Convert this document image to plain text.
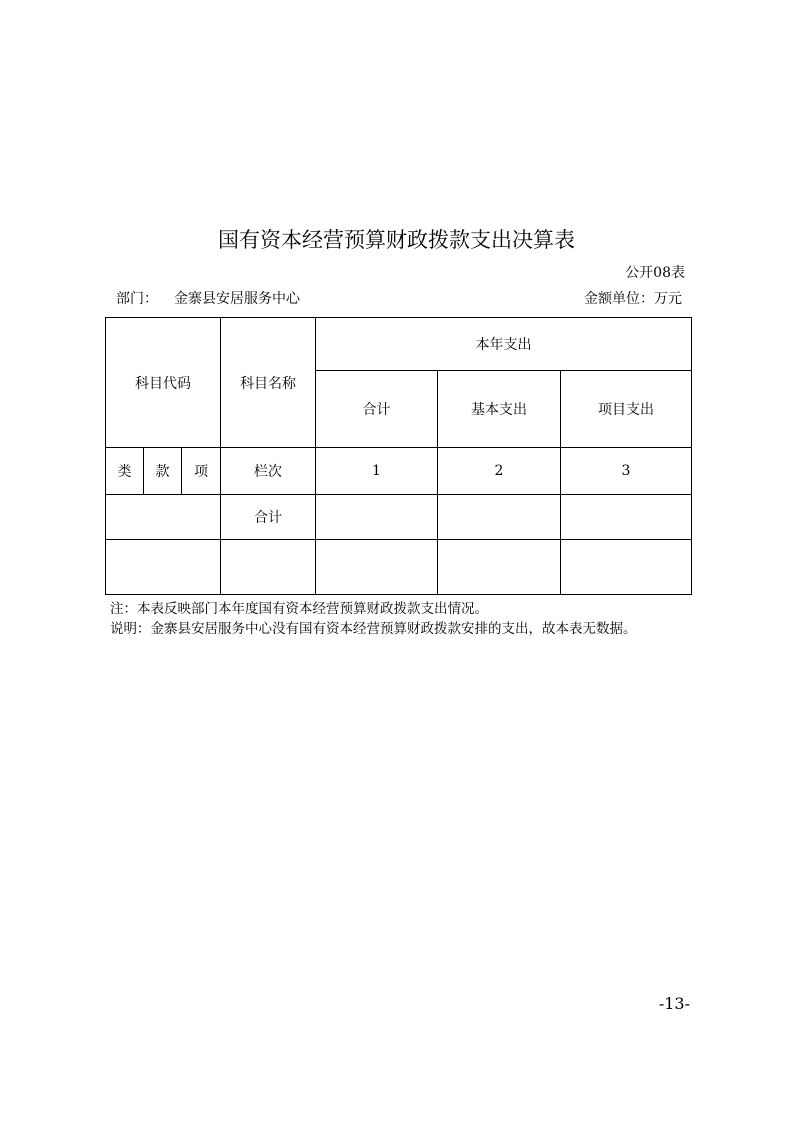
国有资本经营预算财政拨款支出决算表
公开08表
部门： 金寨县安居服务中心	金额单位：万元
科目代码			科目名称	本年支出		
				合计	基本支出	项目支出
类	款	项	栏次	1	2	3
			合计			

注：本表反映部门本年度国有资本经营预算财政拨款支出情况。
说明：金寨县安居服务中心没有国有资本经营预算财政拨款安排的支出，故本表无数据。
-13-
